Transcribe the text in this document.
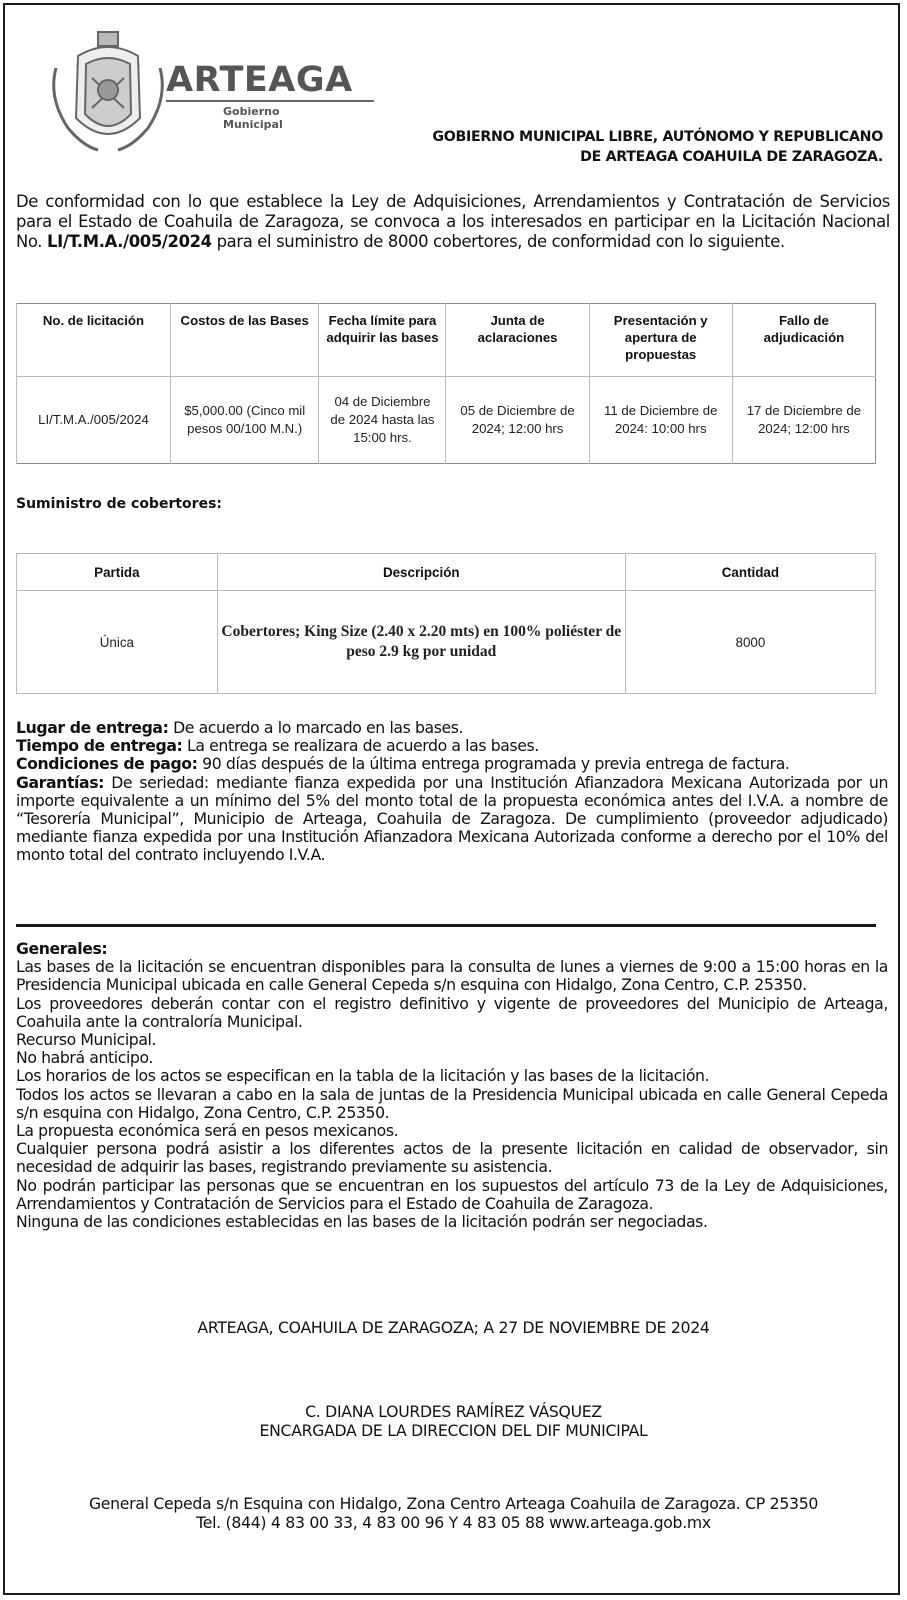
ARTEAGA
Gobierno Municipal
GOBIERNO MUNICIPAL LIBRE, AUTÓNOMO Y REPUBLICANO
DE ARTEAGA COAHUILA DE ZARAGOZA.

De conformidad con lo que establece la Ley de Adquisiciones, Arrendamientos y Contratación de Servicios para el Estado de Coahuila de Zaragoza, se convoca a los interesados en participar en la Licitación Nacional No. LI/T.M.A./005/2024 para el suministro de 8000 cobertores, de conformidad con lo siguiente.

No. de licitación	Costos de las Bases	Fecha límite para adquirir las bases	Junta de aclaraciones	Presentación y apertura de propuestas	Fallo de adjudicación
LI/T.M.A./005/2024	$5,000.00 (Cinco mil pesos 00/100 M.N.)	04 de Diciembre de 2024 hasta las 15:00 hrs.	05 de Diciembre de 2024; 12:00 hrs	11 de Diciembre de 2024: 10:00 hrs	17 de Diciembre de 2024; 12:00 hrs
Suministro de cobertores:
Partida	Descripción	Cantidad
Única	Cobertores; King Size (2.40 x 2.20 mts) en 100% poliéster de peso 2.9 kg por unidad	8000

Lugar de entrega: De acuerdo a lo marcado en las bases.

Tiempo de entrega: La entrega se realizara de acuerdo a las bases.

Condiciones de pago: 90 días después de la última entrega programada y previa entrega de factura.

Garantías: De seriedad: mediante fianza expedida por una Institución Afianzadora Mexicana Autorizada por un importe equivalente a un mínimo del 5% del monto total de la propuesta económica antes del I.V.A. a nombre de “Tesorería Municipal”, Municipio de Arteaga, Coahuila de Zaragoza. De cumplimiento (proveedor adjudicado) mediante fianza expedida por una Institución Afianzadora Mexicana Autorizada conforme a derecho por el 10% del monto total del contrato incluyendo I.V.A.

Generales:

Las bases de la licitación se encuentran disponibles para la consulta de lunes a viernes de 9:00 a 15:00 horas en la Presidencia Municipal ubicada en calle General Cepeda s/n esquina con Hidalgo, Zona Centro, C.P. 25350.

Los proveedores deberán contar con el registro definitivo y vigente de proveedores del Municipio de Arteaga, Coahuila ante la contraloría Municipal.

Recurso Municipal.

No habrá anticipo.

Los horarios de los actos se especifican en la tabla de la licitación y las bases de la licitación.

Todos los actos se llevaran a cabo en la sala de juntas de la Presidencia Municipal ubicada en calle General Cepeda s/n esquina con Hidalgo, Zona Centro, C.P. 25350.

La propuesta económica será en pesos mexicanos.

Cualquier persona podrá asistir a los diferentes actos de la presente licitación en calidad de observador, sin necesidad de adquirir las bases, registrando previamente su asistencia.

No podrán participar las personas que se encuentran en los supuestos del artículo 73 de la Ley de Adquisiciones, Arrendamientos y Contratación de Servicios para el Estado de Coahuila de Zaragoza.

Ninguna de las condiciones establecidas en las bases de la licitación podrán ser negociadas.

ARTEAGA, COAHUILA DE ZARAGOZA; A 27 DE NOVIEMBRE DE 2024
C. DIANA LOURDES RAMÍREZ VÁSQUEZ
ENCARGADA DE LA DIRECCION DEL DIF MUNICIPAL
General Cepeda s/n Esquina con Hidalgo, Zona Centro Arteaga Coahuila de Zaragoza. CP 25350
Tel. (844) 4 83 00 33, 4 83 00 96 Y 4 83 05 88 www.arteaga.gob.mx
